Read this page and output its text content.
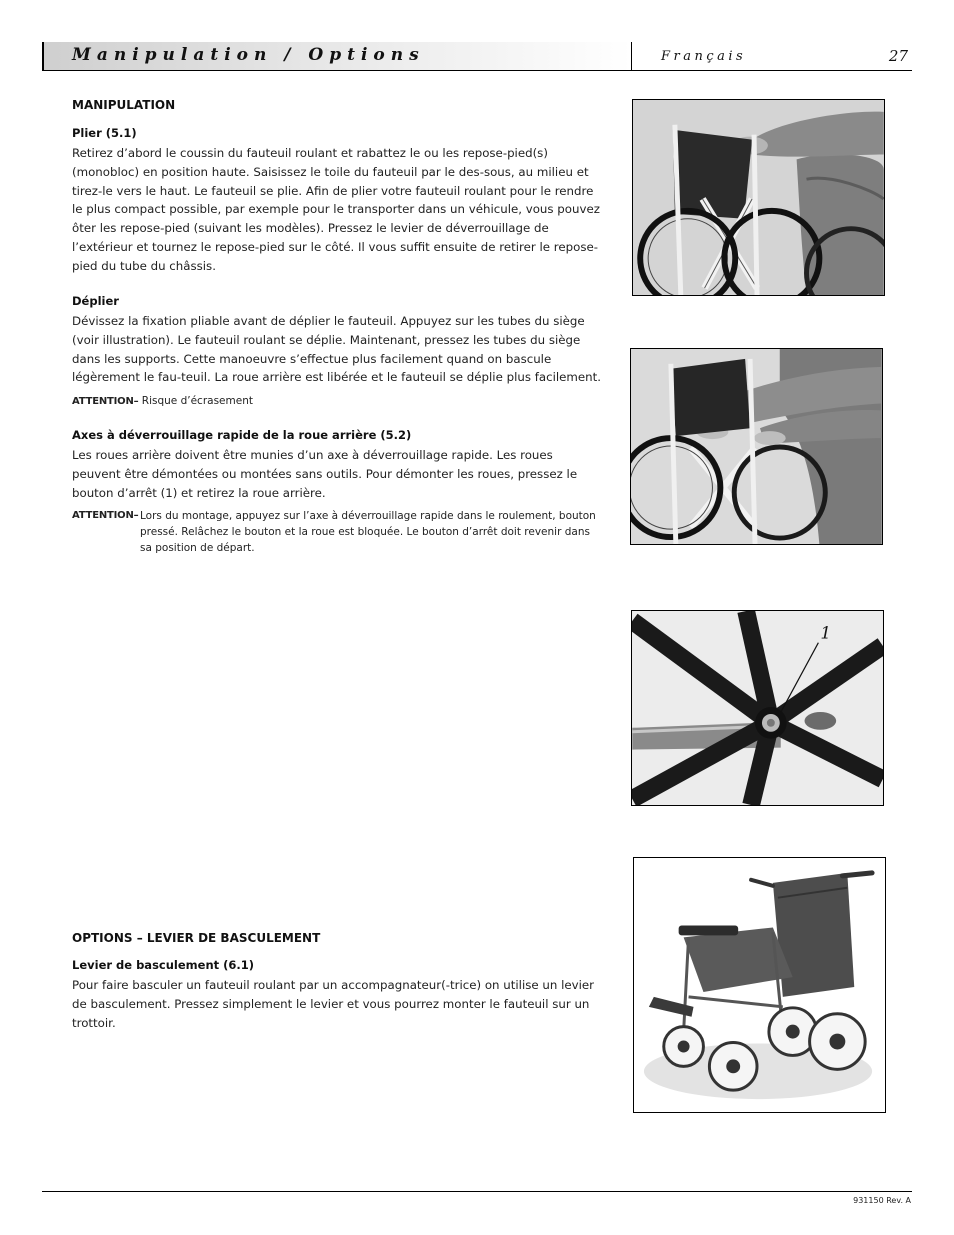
Manipulation / Options	Français	27
MANIPULATION
Plier (5.1)
Retirez d’abord le coussin du fauteuil roulant et rabattez le ou les repose-pied(s) (monobloc) en position haute. Saisissez le toile du fauteuil par le des-sous, au milieu et tirez-le vers le haut. Le fauteuil se plie. Afin de plier votre fauteuil roulant pour le rendre le plus compact possible, par exemple pour le transporter dans un véhicule, vous pouvez ôter les repose-pied (suivant les modèles). Pressez le levier de déverrouillage de l’extérieur et tournez le repose-pied sur le côté. Il vous suffit ensuite de retirer le repose-pied du tube du châssis.
Déplier
Dévissez la fixation pliable avant de déplier le fauteuil. Appuyez sur les tubes du siège (voir illustration). Le fauteuil roulant se déplie. Maintenant, pressez les tubes du siège dans les supports. Cette manoeuvre s’effectue plus facilement quand on bascule légèrement le fau-teuil. La roue arrière est libérée et le fauteuil se déplie plus facilement.
ATTENTION– Risque d’écrasement
Axes à déverrouillage rapide de la roue arrière (5.2)
Les roues arrière doivent être munies d’un axe à déverrouillage rapide. Les roues peuvent être démontées ou montées sans outils. Pour démonter les roues, pressez le bouton d’arrêt (1) et retirez la roue arrière.
ATTENTION– Lors du montage, appuyez sur l’axe à déverrouillage rapide dans le roulement, bouton pressé. Relâchez le bouton et la roue est bloquée. Le bouton d’arrêt doit revenir dans sa position de départ.
OPTIONS – LEVIER DE BASCULEMENT
Levier de basculement (6.1)
Pour faire basculer un fauteuil roulant par un accompagnateur(-trice) on utilise un levier de basculement. Pressez simplement le levier et vous pourrez monter le fauteuil sur un trottoir.
1
931150 Rev. A
